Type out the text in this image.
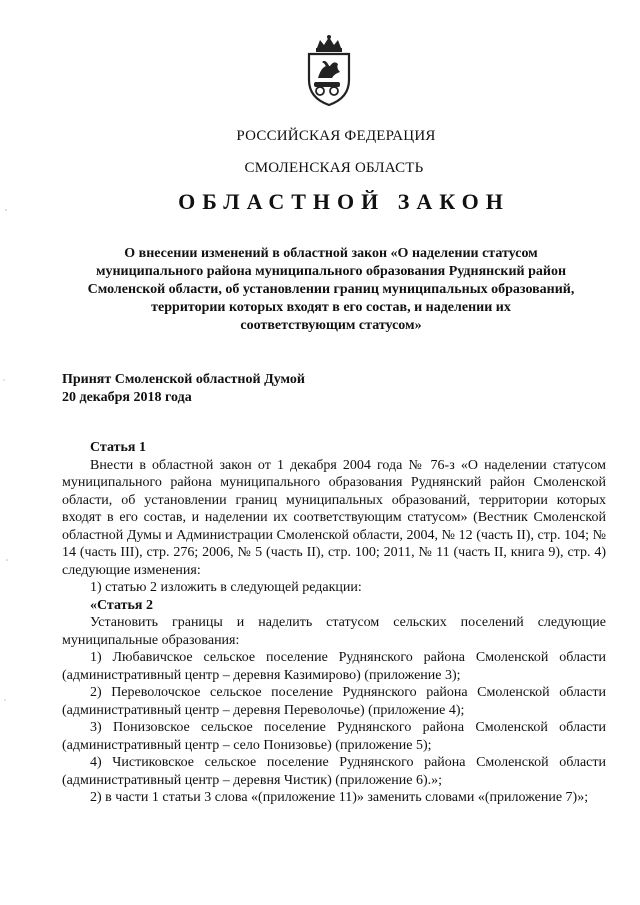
РОССИЙСКАЯ ФЕДЕРАЦИЯ
СМОЛЕНСКАЯ ОБЛАСТЬ
ОБЛАСТНОЙ ЗАКОН
О внесении изменений в областной закон «О наделении статусом
муниципального района муниципального образования Руднянский район
Смоленской области, об установлении границ муниципальных образований,
территории которых входят в его состав, и наделении их
соответствующим статусом»
Принят Смоленской областной Думой
20 декабря 2018 года

Статья 1

Внести в областной закон от 1 декабря 2004 года № 76-з «О наделении статусом муниципального района муниципального образования Руднянский район Смоленской области, об установлении границ муниципальных образований, территории которых входят в его состав, и наделении их соответствующим статусом» (Вестник Смоленской областной Думы и Администрации Смоленской области, 2004, № 12 (часть II), стр. 104; № 14 (часть III), стр. 276; 2006, № 5 (часть II), стр. 100; 2011, № 11 (часть II, книга 9), стр. 4) следующие изменения:

1) статью 2 изложить в следующей редакции:

«Статья 2

Установить границы и наделить статусом сельских поселений следующие муниципальные образования:

1) Любавичское сельское поселение Руднянского района Смоленской области (административный центр – деревня Казимирово) (приложение 3);

2) Переволочское сельское поселение Руднянского района Смоленской области (административный центр – деревня Переволочье) (приложение 4);

3) Понизовское сельское поселение Руднянского района Смоленской области (административный центр – село Понизовье) (приложение 5);

4) Чистиковское сельское поселение Руднянского района Смоленской области (административный центр – деревня Чистик) (приложение 6).»;

2) в части 1 статьи 3 слова «(приложение 11)» заменить словами «(приложение 7)»;
